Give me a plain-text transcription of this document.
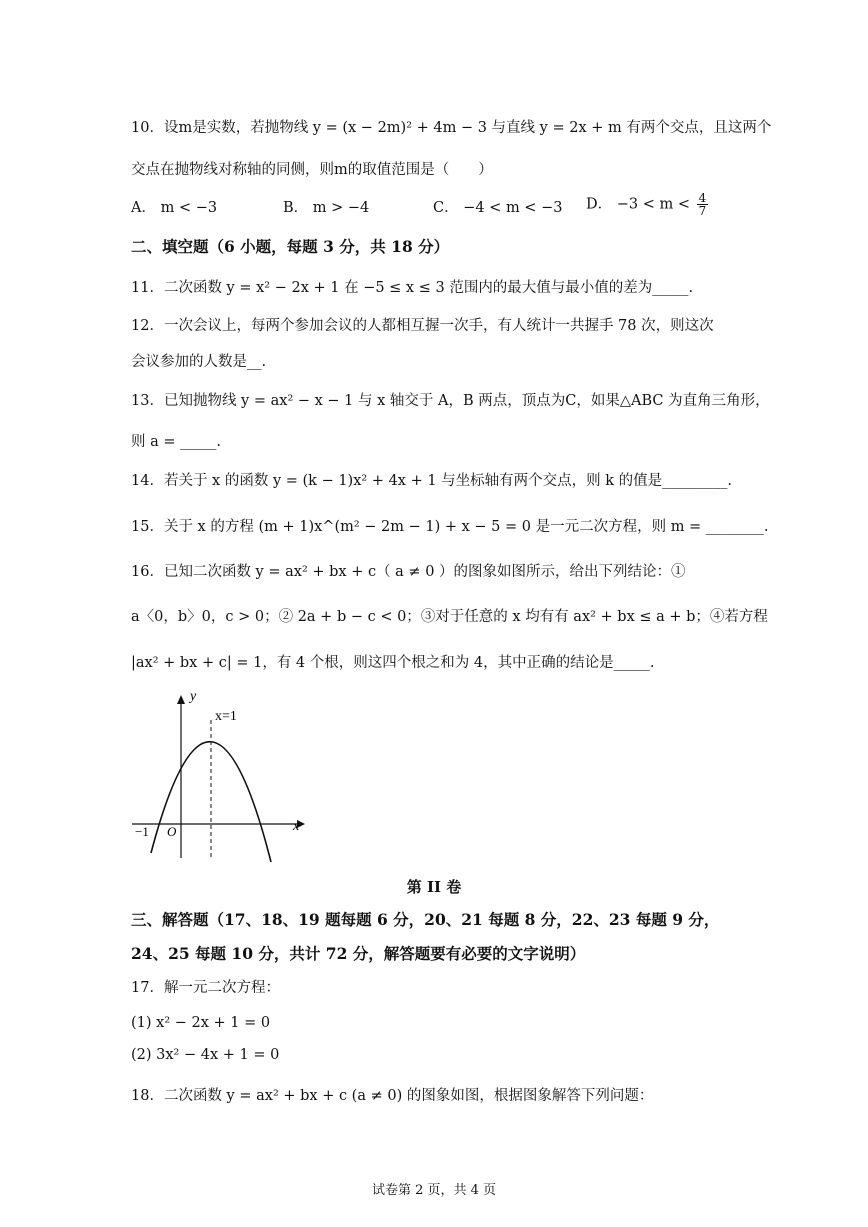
10．设m是实数，若抛物线 y = (x − 2m)² + 4m − 3 与直线 y = 2x + m 有两个交点，且这两个
交点在抛物线对称轴的同侧，则m的取值范围是（　　）
A． m < −3	B． m > −4	C． −4 < m < −3 D． $-3 < m < \frac{4}{7}$
二、填空题（6 小题，每题 3 分，共 18 分）
11．二次函数 y = x² − 2x + 1 在 −5 ≤ x ≤ 3 范围内的最大值与最小值的差为_____.
12．一次会议上，每两个参加会议的人都相互握一次手，有人统计一共握手 78 次，则这次
会议参加的人数是__.
13．已知抛物线 y = ax² − x − 1 与 x 轴交于 A，B 两点，顶点为C，如果△ABC 为直角三角形，
则 a = _____.
14．若关于 x 的函数 y = (k − 1)x² + 4x + 1 与坐标轴有两个交点，则 k 的值是_________.
15．关于 x 的方程 (m + 1)x^(m² − 2m − 1) + x − 5 = 0 是一元二次方程，则 m = ________.
16．已知二次函数 y = ax² + bx + c（ a ≠ 0 ）的图象如图所示，给出下列结论：①
a〈0，b〉0，c > 0；② 2a + b − c < 0；③对于任意的 x 均有有 ax² + bx ≤ a + b；④若方程
|ax² + bx + c| = 1，有 4 个根，则这四个根之和为 4，其中正确的结论是_____.
y
x
x=1
O
−1
第 II 卷
三、解答题（17、18、19 题每题 6 分，20、21 每题 8 分，22、23 每题 9 分，
24、25 每题 10 分，共计 72 分，解答题要有必要的文字说明）
17．解一元二次方程：
(1) x² − 2x + 1 = 0
(2) 3x² − 4x + 1 = 0
18．二次函数 y = ax² + bx + c (a ≠ 0) 的图象如图，根据图象解答下列问题：
试卷第 2 页，共 4 页
